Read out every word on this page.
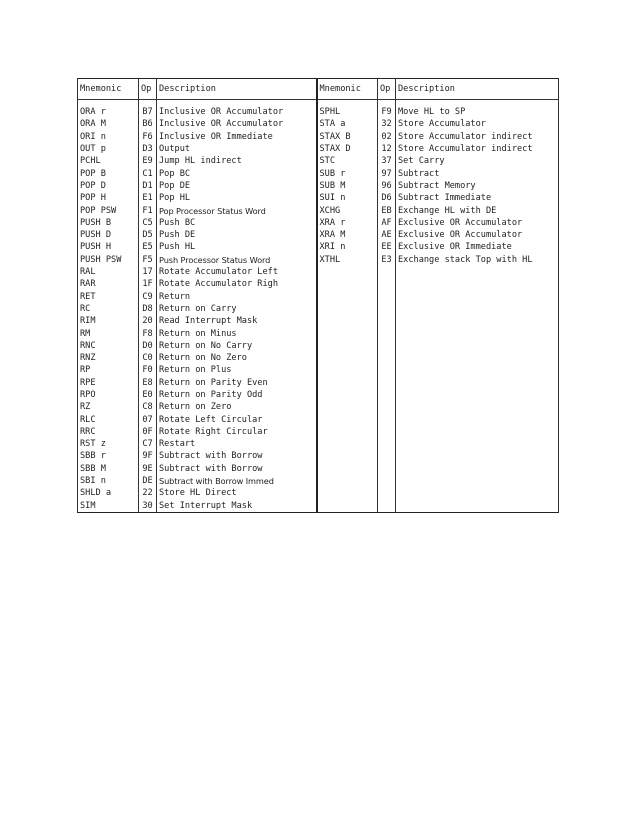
Mnemonic	Op	Description	Mnemonic	Op	Description
ORA r	B7	Inclusive OR Accumulator	SPHL	F9	Move HL to SP
ORA M	B6	Inclusive OR Accumulator	STA a	32	Store Accumulator
ORI n	F6	Inclusive OR Immediate	STAX B	02	Store Accumulator indirect
OUT p	D3	Output	STAX D	12	Store Accumulator indirect
PCHL	E9	Jump HL indirect	STC	37	Set Carry
POP B	C1	Pop BC	SUB r	97	Subtract
POP D	D1	Pop DE	SUB M	96	Subtract Memory
POP H	E1	Pop HL	SUI n	D6	Subtract Immediate
POP PSW	F1	Pop Processor Status Word	XCHG	EB	Exchange HL with DE
PUSH B	C5	Push BC	XRA r	AF	Exclusive OR Accumulator
PUSH D	D5	Push DE	XRA M	AE	Exclusive OR Accumulator
PUSH H	E5	Push HL	XRI n	EE	Exclusive OR Immediate
PUSH PSW	F5	Push Processor Status Word	XTHL	E3	Exchange stack Top with HL
RAL	17	Rotate Accumulator Left			
RAR	1F	Rotate Accumulator Righ			
RET	C9	Return			
RC	D8	Return on Carry			
RIM	20	Read Interrupt Mask			
RM	F8	Return on Minus			
RNC	D0	Return on No Carry			
RNZ	C0	Return on No Zero			
RP	F0	Return on Plus			
RPE	E8	Return on Parity Even			
RPO	E0	Return on Parity Odd			
RZ	C8	Return on Zero			
RLC	07	Rotate Left Circular			
RRC	0F	Rotate Right Circular			
RST z	C7	Restart			
SBB r	9F	Subtract with Borrow			
SBB M	9E	Subtract with Borrow			
SBI n	DE	Subtract with Borrow Immed			
SHLD a	22	Store HL Direct			
SIM	30	Set Interrupt Mask			
